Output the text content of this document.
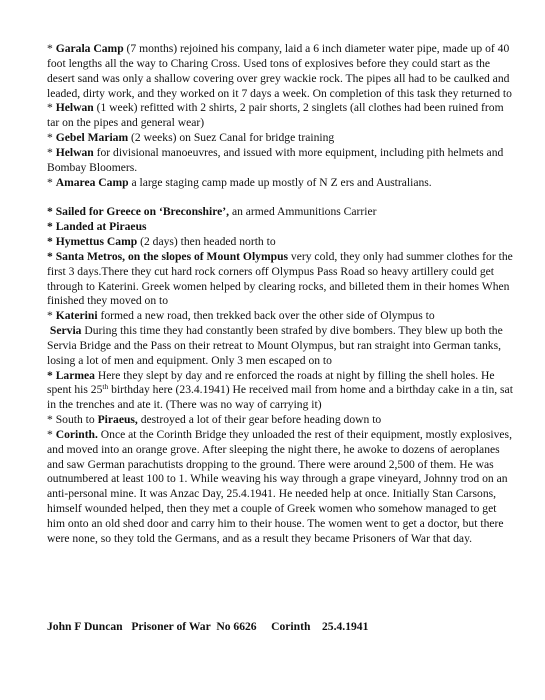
* Garala Camp (7 months) rejoined his company, laid a 6 inch diameter water pipe, made up of 40 foot lengths all the way to Charing Cross. Used tons of explosives before they could start as the desert sand was only a shallow covering over grey wackie rock. The pipes all had to be caulked and leaded, dirty work, and they worked on it 7 days a week. On completion of this task they returned to

* Helwan (1 week) refitted with 2 shirts, 2 pair shorts, 2 singlets (all clothes had been ruined from tar on the pipes and general wear)

* Gebel Mariam (2 weeks) on Suez Canal for bridge training

* Helwan for divisional manoeuvres, and issued with more equipment, including pith helmets and Bombay Bloomers.

* Amarea Camp a large staging camp made up mostly of N Z ers and Australians.

* Sailed for Greece on ‘Breconshire’, an armed Ammunitions Carrier

* Landed at Piraeus

* Hymettus Camp (2 days) then headed north to

* Santa Metros, on the slopes of Mount Olympus very cold, they only had summer clothes for the first 3 days.There they cut hard rock corners off Olympus Pass Road so heavy artillery could get through to Katerini. Greek women helped by clearing rocks, and billeted them in their homes When finished they moved on to

* Katerini formed a new road, then trekked back over the other side of Olympus to

Servia During this time they had constantly been strafed by dive bombers. They blew up both the Servia Bridge and the Pass on their retreat to Mount Olympus, but ran straight into German tanks, losing a lot of men and equipment. Only 3 men escaped on to

* Larmea Here they slept by day and re enforced the roads at night by filling the shell holes. He spent his 25th birthday here (23.4.1941) He received mail from home and a birthday cake in a tin, sat in the trenches and ate it. (There was no way of carrying it)

* South to Piraeus, destroyed a lot of their gear before heading down to

* Corinth. Once at the Corinth Bridge they unloaded the rest of their equipment, mostly explosives, and moved into an orange grove. After sleeping the night there, he awoke to dozens of aeroplanes and saw German parachutists dropping to the ground. There were around 2,500 of them. He was outnumbered at least 100 to 1. While weaving his way through a grape vineyard, Johnny trod on an anti-personal mine. It was Anzac Day, 25.4.1941. He needed help at once. Initially Stan Carsons, himself wounded helped, then they met a couple of Greek women who somehow managed to get him onto an old shed door and carry him to their house. The women went to get a doctor, but there were none, so they told the Germans, and as a result they became Prisoners of War that day.

John F Duncan Prisoner of War No 6626 Corinth 25.4.1941
